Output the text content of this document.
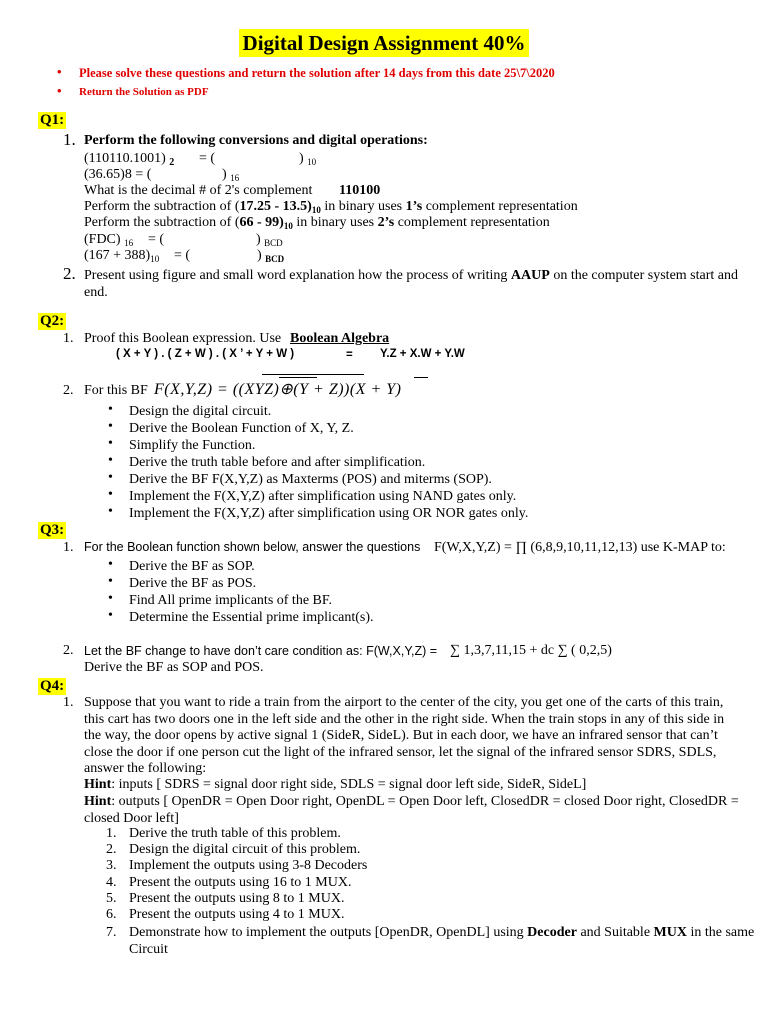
Digital Design Assignment 40%
• Please solve these questions and return the solution after 14 days from this date 25\7\2020
• Return the Solution as PDF
Q1:
1. Perform the following conversions and digital operations:
(110110.1001) $_2$ = (	) $_{10}$
(36.65)8 = (	) $_{16}$
What is the decimal # of 2's complement 110100
Perform the subtraction of $(17.25 - 13.5)_{10}$ in binary uses 1’s complement representation
Perform the subtraction of $(66 - 99)_{10}$ in binary uses 2’s complement representation
(FDC) $_{16}$ = (	) $_{BCD}$
$(167 + 388)_{10}$ = (	) $_{BCD}$
2. Present using figure and small word explanation how the process of writing AAUP on the computer system start and
end.
Q2:
1. Proof this Boolean expression. Use Boolean Algebra
( X + Y ) . ( Z + W ) . ( X ’ + Y + W )	= Y.Z + X.W + Y.W
2. For this BF F(X,Y,Z) = ((XYZ)⊕(Y + Z))(X + Y)
• Design the digital circuit.
• Derive the Boolean Function of X, Y, Z.
• Simplify the Function.
• Derive the truth table before and after simplification.
• Derive the BF F(X,Y,Z) as Maxterms (POS) and miterms (SOP).
• Implement the F(X,Y,Z) after simplification using NAND gates only.
• Implement the F(X,Y,Z) after simplification using OR NOR gates only.
Q3:
1. For the Boolean function shown below, answer the questions F(W,X,Y,Z) = ∏ (6,8,9,10,11,12,13) use K-MAP to:
• Derive the BF as SOP.
• Derive the BF as POS.
• Find All prime implicants of the BF.
• Determine the Essential prime implicant(s).
2. Let the BF change to have don’t care condition as: F(W,X,Y,Z) = ∑ 1,3,7,11,15 + dc ∑ ( 0,2,5)
Derive the BF as SOP and POS.
Q4:
1. Suppose that you want to ride a train from the airport to the center of the city, you get one of the carts of this train, this cart has two doors one in the left side and the other in the right side. When the train stops in any of this side in the way, the door opens by active signal 1 (SideR, SideL). But in each door, we have an infrared sensor that can’t close the door if one person cut the light of the infrared sensor, let the signal of the infrared sensor SDRS, SDLS, answer the following:
Hint: inputs [ SDRS = signal door right side, SDLS = signal door left side, SideR, SideL]
Hint: outputs [ OpenDR = Open Door right, OpenDL = Open Door left, ClosedDR = closed Door right, ClosedDR = closed Door left]
1. Derive the truth table of this problem.
2. Design the digital circuit of this problem.
3. Implement the outputs using 3-8 Decoders
4. Present the outputs using 16 to 1 MUX.
5. Present the outputs using 8 to 1 MUX.
6. Present the outputs using 4 to 1 MUX.
7. Demonstrate how to implement the outputs [OpenDR, OpenDL] using Decoder and Suitable MUX in the same
Circuit
